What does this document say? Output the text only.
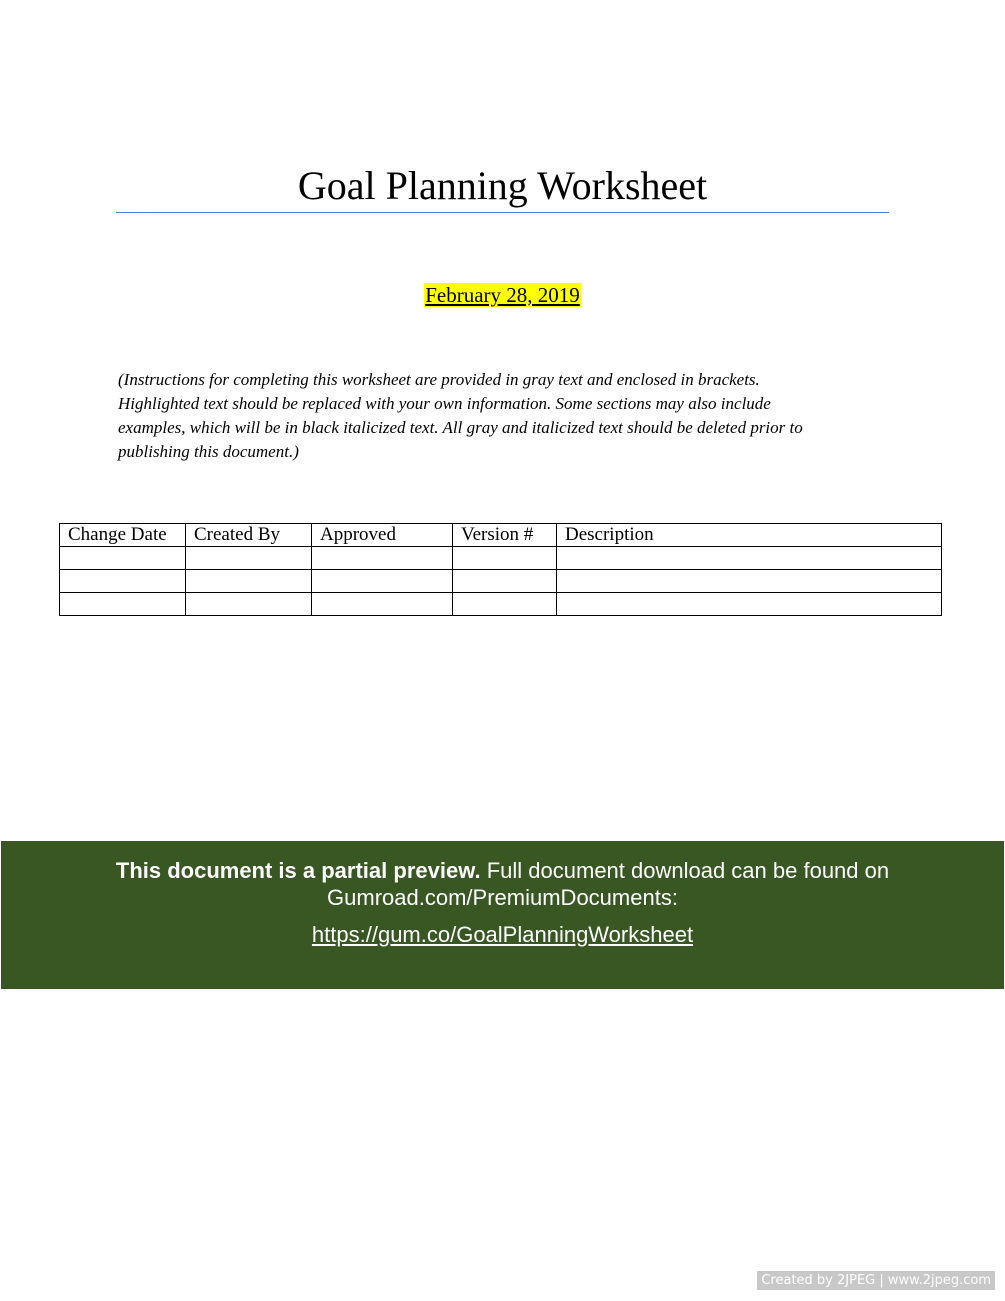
Goal Planning Worksheet
February 28, 2019
(Instructions for completing this worksheet are provided in gray text and enclosed in brackets.
Highlighted text should be replaced with your own information. Some sections may also include
examples, which will be in black italicized text. All gray and italicized text should be deleted prior to
publishing this document.)
Change Date	Created By	Approved	Version #	Description

This document is a partial preview. Full document download can be found on
Gumroad.com/PremiumDocuments:
https://gum.co/GoalPlanningWorksheet
Created by 2JPEG | www.2jpeg.com
